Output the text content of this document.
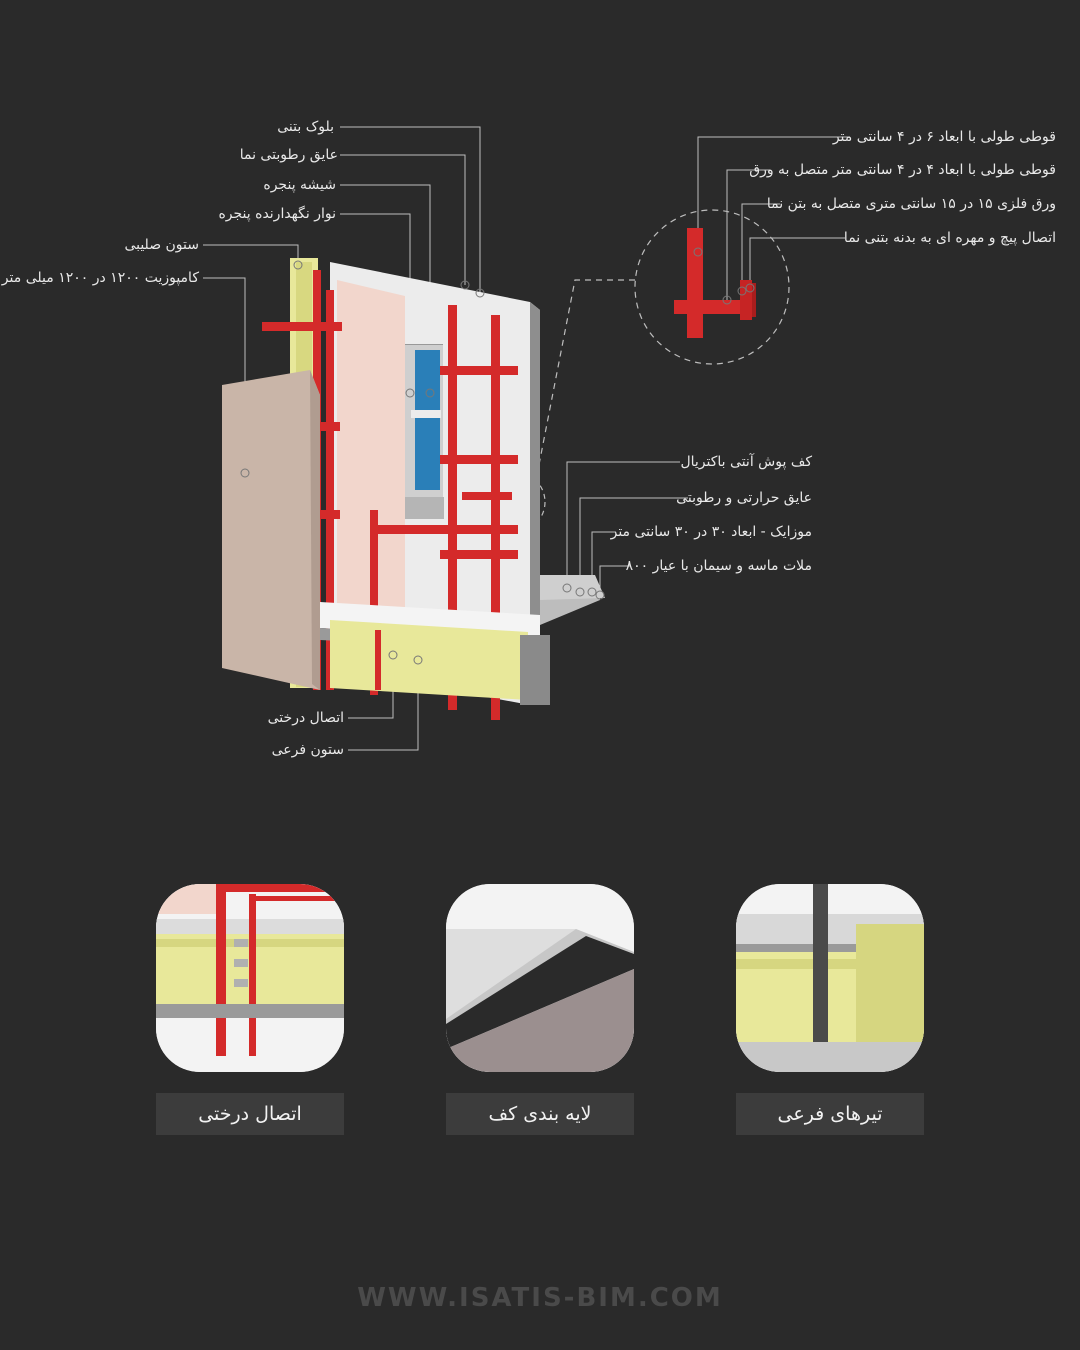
بلوک بتنی
عایق رطوبتی نما
شیشه پنجره
نوار نگهدارنده پنجره
ستون صلیبی
کامپوزیت ۱۲۰۰ در ۱۲۰۰ میلی متر
اتصال درختی
ستون فرعی
قوطی طولی با ابعاد ۶ در ۴ سانتی متر
قوطی طولی با ابعاد ۴ در ۴ سانتی متر متصل به ورق
ورق فلزی ۱۵ در ۱۵ سانتی متری متصل به بتن نما
اتصال پیچ و مهره ای به بدنه بتنی نما
کف پوش آنتی باکتریال
عایق حرارتی و رطوبتی
موزایک - ابعاد ۳۰ در ۳۰ سانتی متر
ملات ماسه و سیمان با عیار ۸۰۰
اتصال درختی	لایه بندی کف	تیرهای فرعی
WWW.ISATIS-BIM.COM
